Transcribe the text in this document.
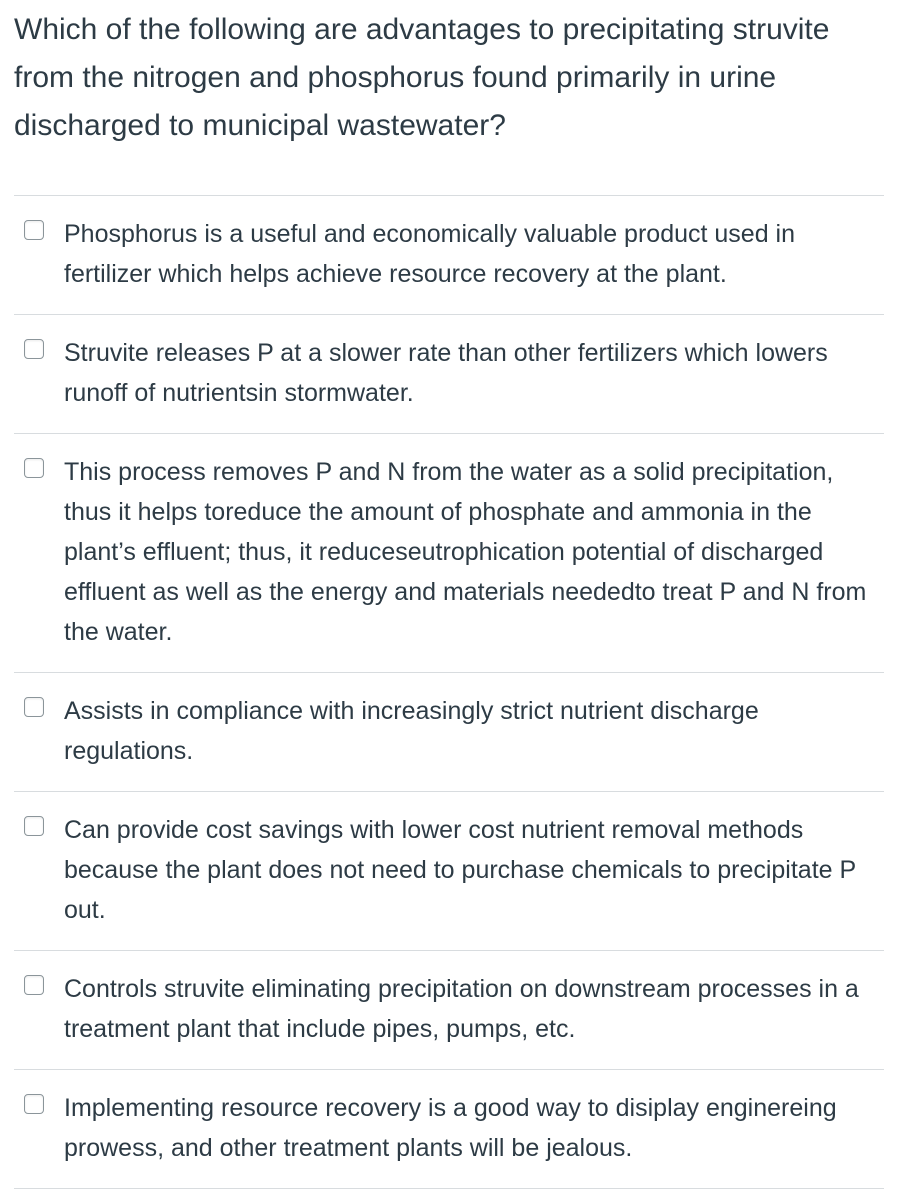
Which of the following are advantages to precipitating struvite from the nitrogen and phosphorus found primarily in urine discharged to municipal wastewater?
Phosphorus is a useful and economically valuable product used in fertilizer which helps achieve resource recovery at the plant.
Struvite releases P at a slower rate than other fertilizers which lowers runoff of nutrientsin stormwater.
This process removes P and N from the water as a solid precipitation, thus it helps toreduce the amount of phosphate and ammonia in the plant’s effluent; thus, it reduceseutrophication potential of discharged effluent as well as the energy and materials neededto treat P and N from the water.
Assists in compliance with increasingly strict nutrient discharge regulations.
Can provide cost savings with lower cost nutrient removal methods because the plant does not need to purchase chemicals to precipitate P out.
Controls struvite eliminating precipitation on downstream processes in a treatment plant that include pipes, pumps, etc.
Implementing resource recovery is a good way to disiplay enginereing prowess, and other treatment plants will be jealous.
